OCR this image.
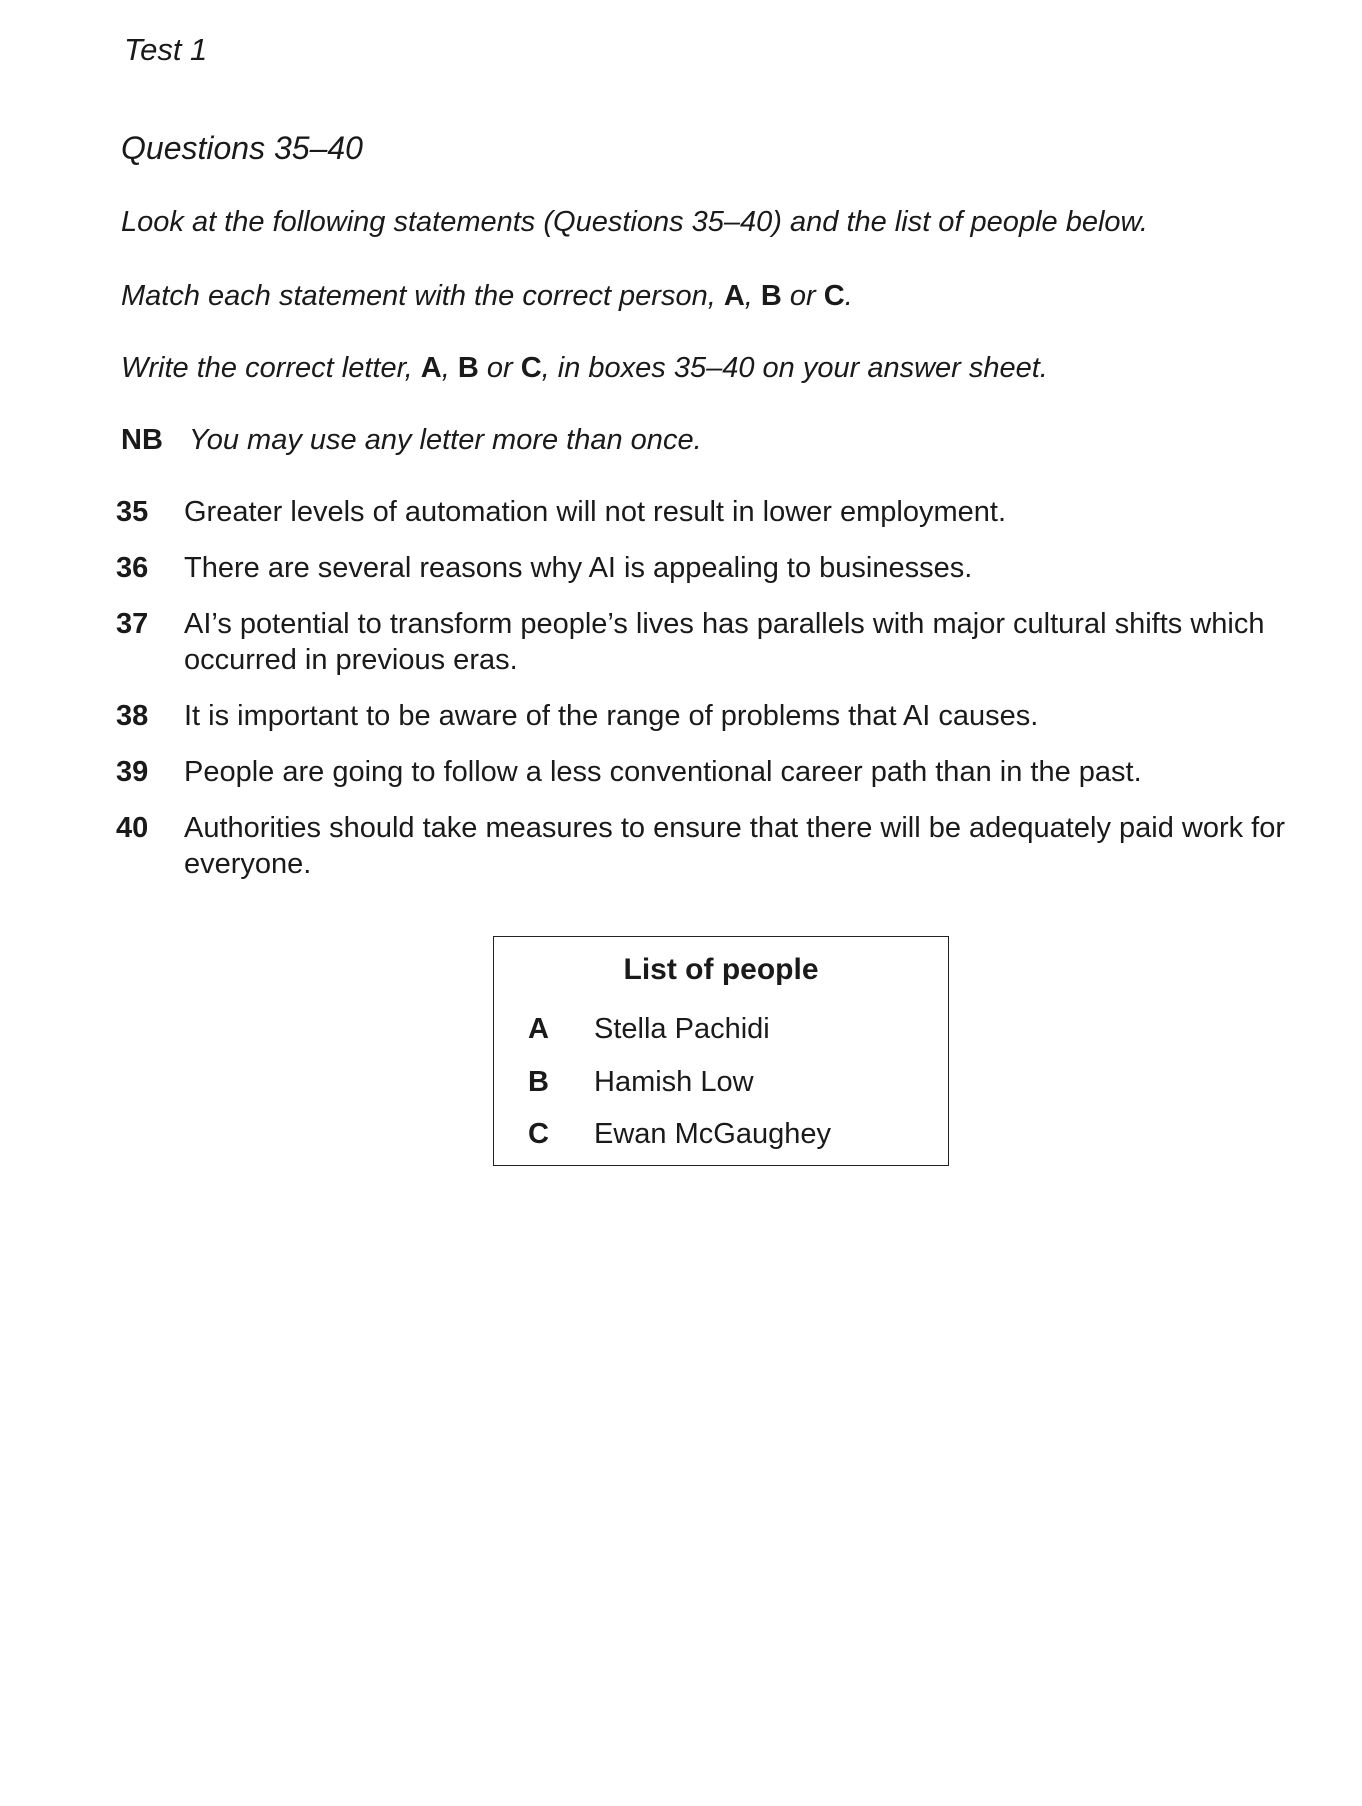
Test 1
Questions 35–40
Look at the following statements (Questions 35–40) and the list of people below.
Match each statement with the correct person, A, B or C.
Write the correct letter, A, B or C, in boxes 35–40 on your answer sheet.
NB You may use any letter more than once.
35	Greater levels of automation will not result in lower employment.
36	There are several reasons why AI is appealing to businesses.
37	AI’s potential to transform people’s lives has parallels with major cultural shifts which occurred in previous eras.
38	It is important to be aware of the range of problems that AI causes.
39	People are going to follow a less conventional career path than in the past.
40	Authorities should take measures to ensure that there will be adequately paid work for everyone.
List of people
A	Stella Pachidi
B	Hamish Low
C	Ewan McGaughey
